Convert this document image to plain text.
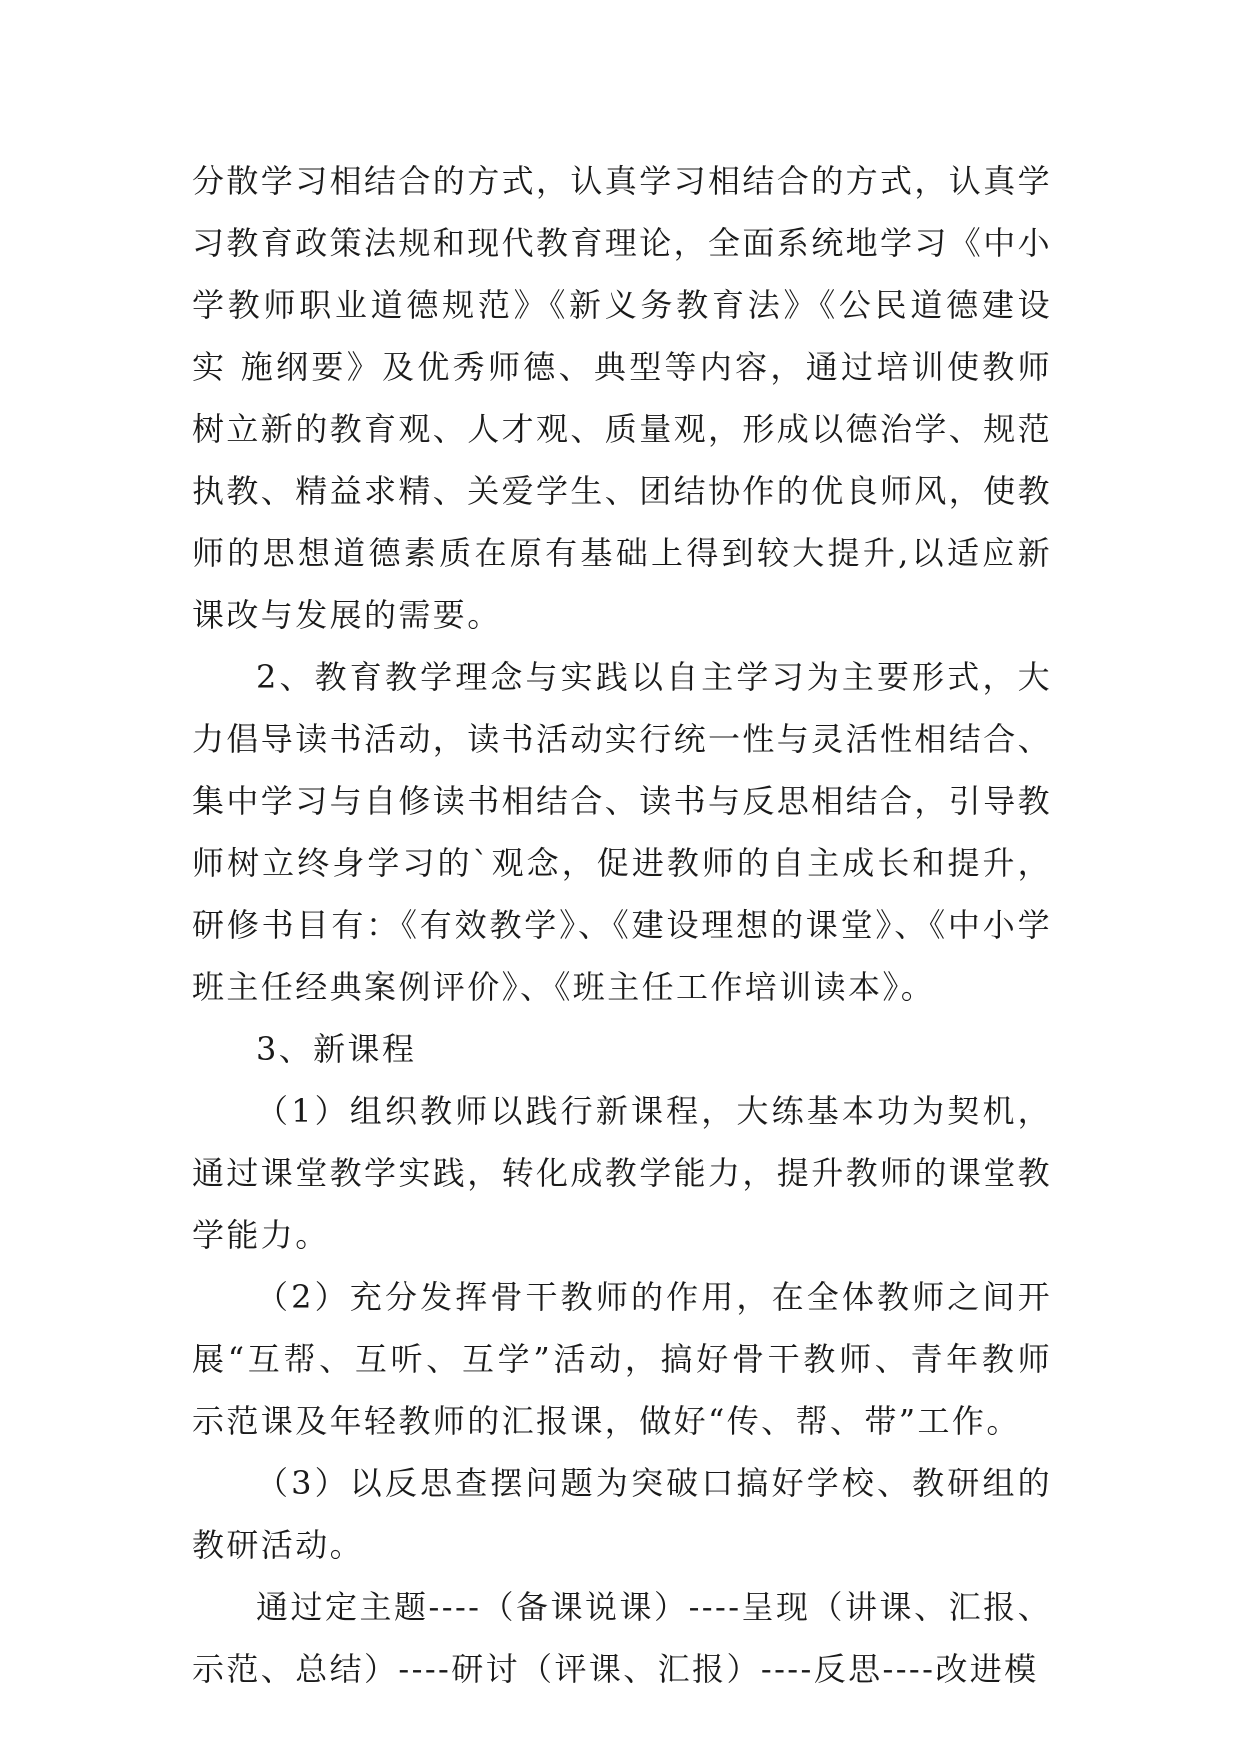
分散学习相结合的方式，认真学习相结合的方式，认真学习教育政策法规和现代教育理论，全面系统地学习《中小学教师职业道德规范》《新义务教育法》《公民道德建设实 施纲要》及优秀师德、典型等内容，通过培训使教师树立新的教育观、人才观、质量观，形成以德治学、规范执教、精益求精、关爱学生、团结协作的优良师风，使教师的思想道德素质在原有基础上得到较大提升,以适应新课改与发展的需要。

2、教育教学理念与实践以自主学习为主要形式，大力倡导读书活动，读书活动实行统一性与灵活性相结合、集中学习与自修读书相结合、读书与反思相结合，引导教师树立终身学习的`观念，促进教师的自主成长和提升，研修书目有：《有效教学》、《建设理想的课堂》、《中小学班主任经典案例评价》、《班主任工作培训读本》。

3、新课程

（1）组织教师以践行新课程，大练基本功为契机，通过课堂教学实践，转化成教学能力，提升教师的课堂教学能力。

（2）充分发挥骨干教师的作用，在全体教师之间开展“互帮、互听、互学”活动，搞好骨干教师、青年教师示范课及年轻教师的汇报课，做好“传、帮、带”工作。

（3）以反思查摆问题为突破口搞好学校、教研组的教研活动。

通过定主题----（备课说课）----呈现（讲课、汇报、示范、总结）----研讨（评课、汇报）----反思----改进模
